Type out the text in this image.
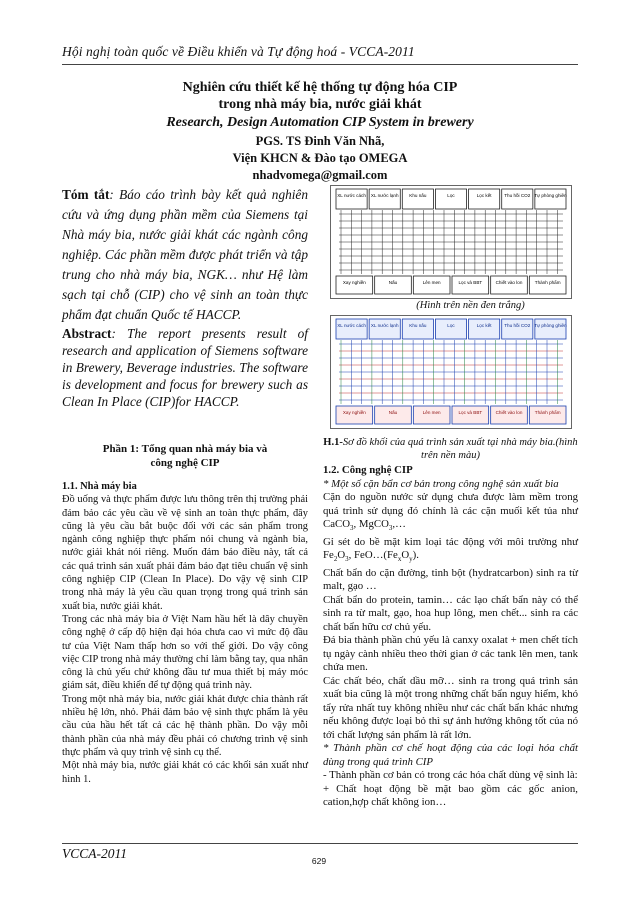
Hội nghị toàn quốc về Điều khiển và Tự động hoá - VCCA-2011
Nghiên cứu thiết kế hệ thống tự động hóa CIP
trong nhà máy bia, nước giải khát
Research, Design Automation CIP System in brewery
PGS. TS Đinh Văn Nhã,
Viện KHCN & Đào tạo OMEGA
nhadvomega@gmail.com

Tóm tắt: Báo cáo trình bày kết quả nghiên cứu và ứng dụng phần mềm của Siemens tại Nhà máy bia, nước giải khát các ngành công nghiệp. Các phần mềm được phát triển và tập trung cho nhà máy bia, NGK… như Hệ làm sạch tại chỗ (CIP) cho vệ sinh an toàn thực phẩm đạt chuẩn Quốc tế HACCP.

Abstract: The report presents result of research and application of Siemens software in Brewery, Beverage industries. The software is development and focus for brewery such as Clean In Place (CIP)for HACCP.

Phần 1: Tổng quan nhà máy bia và
công nghệ CIP
1.1. Nhà máy bia

Đồ uống và thực phẩm được lưu thông trên thị trường phải đảm bảo các yêu cầu về vệ sinh an toàn thực phẩm, đây cũng là yêu cầu bắt buộc đối với các sản phẩm trong ngành công nghiệp thực phẩm nói chung và ngành bia, nước giải khát nói riêng. Muốn đảm bảo điều này, tất cả các quá trình sản xuất phải đảm bảo đạt tiêu chuẩn vệ sinh công nghiệp CIP (Clean In Place). Do vậy vệ sinh CIP trong nhà máy là yêu cầu quan trọng trong quá trình sản xuất bia, nước giải khát.

Trong các nhà máy bia ở Việt Nam hầu hết là dây chuyền công nghệ ở cấp độ hiện đại hóa chưa cao vì mức độ đầu tư của Việt Nam thấp hơn so với thế giới. Do vậy công việc CIP trong nhà máy thường chỉ làm bằng tay, qua nhân công là chủ yếu chứ không đầu tư mua thiết bị máy móc giám sát, điều khiển để tự động quá trình này.

Trong một nhà máy bia, nước giải khát được chia thành rất nhiều hệ lớn, nhỏ. Phải đảm bảo vệ sinh thực phẩm là yêu cầu của hầu hết tất cả các hệ thành phần. Do vậy mỗi thành phần của nhà máy đều phải có chương trình vệ sinh thực phẩm và quy trình vệ sinh cụ thể.

Một nhà máy bia, nước giải khát có các khối sản xuất như hình 1.

XL nước cách XL nước lạnh Khu nấu	Lọc	Lọc kết	Thu hồi CO2 Tự phòng ghiên
Xay nghiền	Nấu	Lên men	Lọc và BBT	Chiết vào lon	Thành phẩm
(Hình trên nền đen trắng)
XL nước cách XL nước lạnh Khu nấu	Lọc	Lọc kết	Thu hồi CO2 Tự phòng ghiên
Xay nghiền	Nấu	Lên men	Lọc và BBT	Chiết vào lon	Thành phẩm
H.1-Sơ đồ khối của quá trình sản xuất tại nhà máy bia.(hình trên nền màu)
1.2. Công nghệ CIP

* Một số cặn bẩn cơ bản trong công nghệ sản xuất bia

Cặn do nguồn nước sử dụng chưa được làm mềm trong quá trình sử dụng đó chính là các cặn muối kết tủa như CaCO$_3$, MgCO$_3$,…

Gỉ sét do bề mặt kim loại tác động với môi trường như $Fe_2O_3$, $FeO\dots(Fe_xO_y)$.

Chất bẩn do cặn đường, tinh bột (hydratcarbon) sinh ra từ malt, gạo …

Chất bẩn do protein, tamin… các lạo chất bẩn này có thể sinh ra từ malt, gạo, hoa hup lông, men chết... sinh ra các chất bẩn hữu cơ chủ yếu.

Đá bia thành phần chủ yếu là canxy oxalat + men chết tích tụ ngày cành nhiều theo thời gian ở các tank lên men, tank chứa men.

Các chất béo, chất dầu mỡ… sinh ra trong quá trình sản xuất bia cũng là một trong những chất bẩn nguy hiểm, khó tẩy rửa nhất tuy không nhiều như các chất bẩn khác nhưng nếu không được loại bỏ thì sự ảnh hưởng không tốt của nó tới chất lượng sản phẩm là rất lớn.

* Thành phần cơ chế hoạt động của các loại hóa chất dùng trong quá trình CIP

- Thành phần cơ bản có trong các hóa chất dùng vệ sinh là:

+ Chất hoạt động bề mặt bao gồm các gốc anion, cation,hợp chất không ion…

VCCA-2011	629
